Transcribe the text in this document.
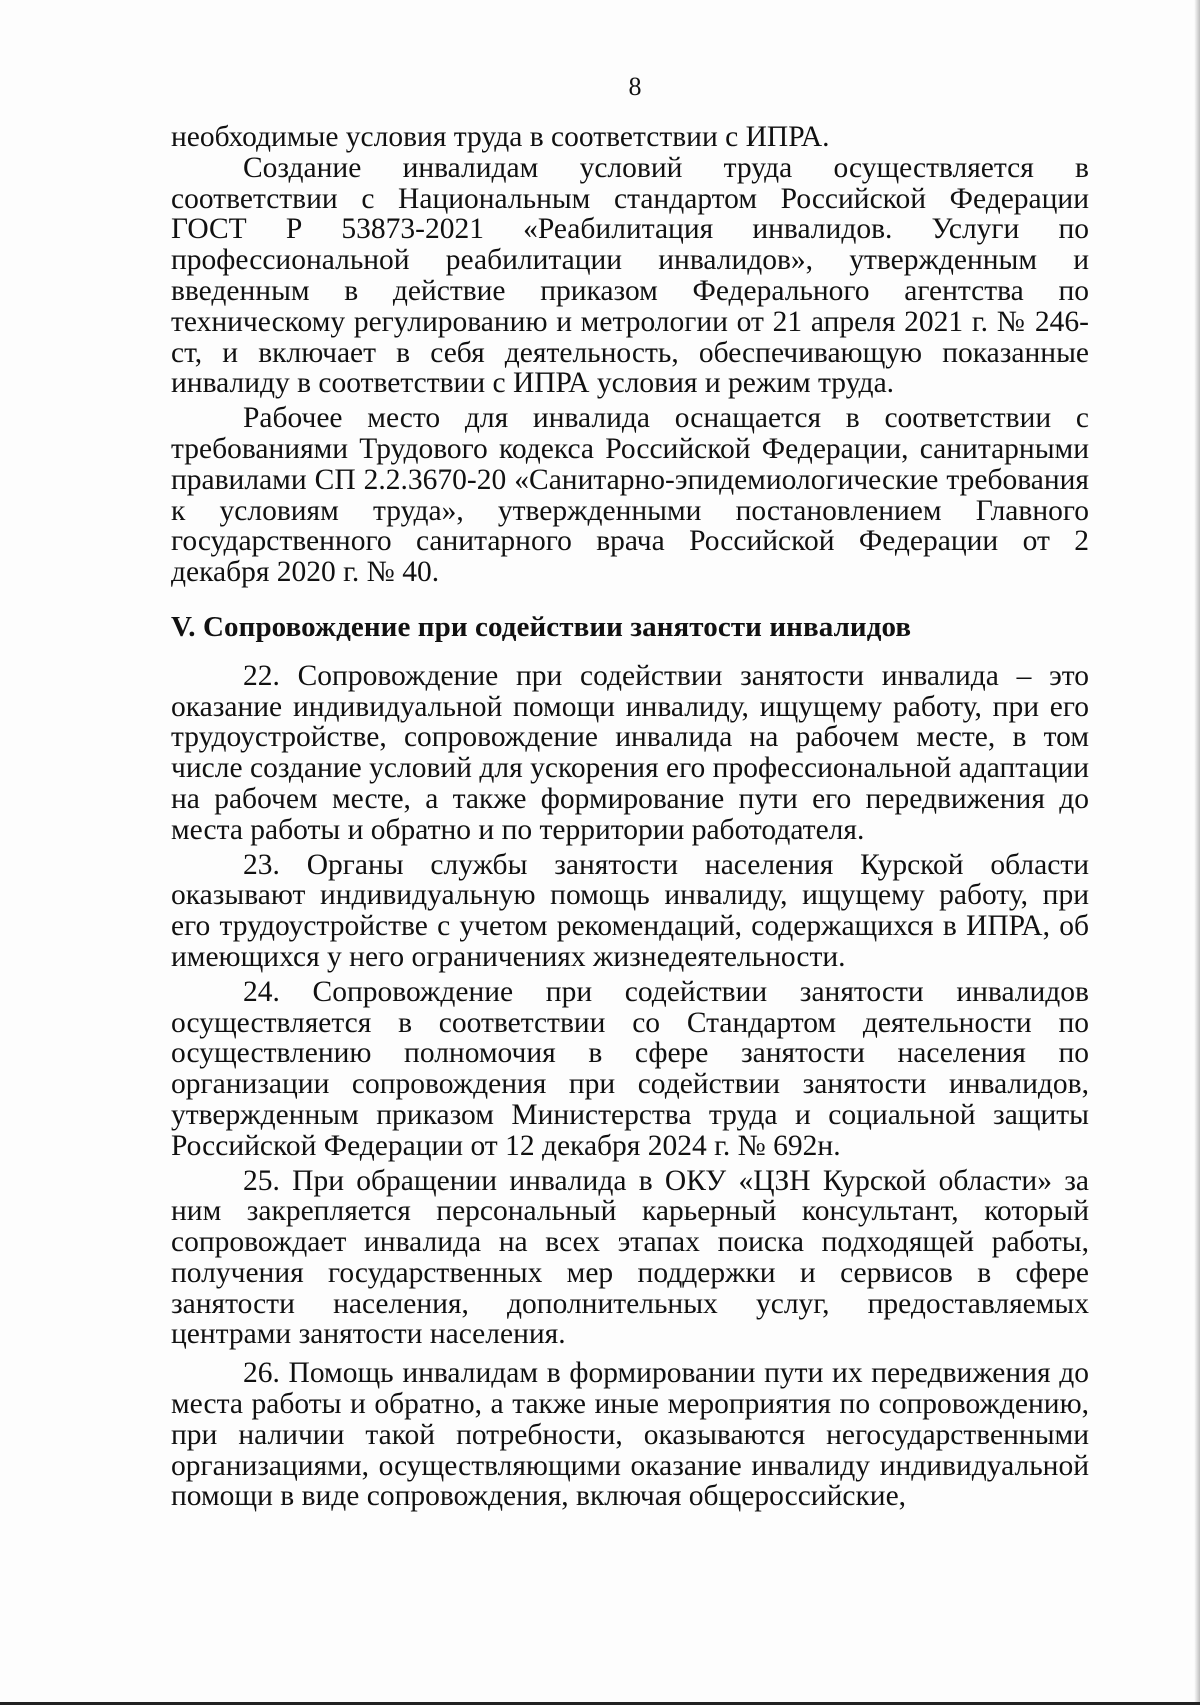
8

необходимые условия труда в соответствии с ИПРА.

Создание инвалидам условий труда осуществляется в соответствии с Национальным стандартом Российской Федерации ГОСТ Р 53873-2021 «Реабилитация инвалидов. Услуги по профессиональной реабилитации инвалидов», утвержденным и введенным в действие приказом Федерального агентства по техническому регулированию и метрологии от 21 апреля 2021 г. № 246-ст, и включает в себя деятельность, обеспечивающую показанные инвалиду в соответствии с ИПРА условия и режим труда.

Рабочее место для инвалида оснащается в соответствии с требованиями Трудового кодекса Российской Федерации, санитарными правилами СП 2.2.3670-20 «Санитарно-эпидемиологические требования к условиям труда», утвержденными постановлением Главного государственного санитарного врача Российской Федерации от 2 декабря 2020 г. № 40.

V. Сопровождение при содействии занятости инвалидов

22. Сопровождение при содействии занятости инвалида – это оказание индивидуальной помощи инвалиду, ищущему работу, при его трудоустройстве, сопровождение инвалида на рабочем месте, в том числе создание условий для ускорения его профессиональной адаптации на рабочем месте, а также формирование пути его передвижения до места работы и обратно и по территории работодателя.

23. Органы службы занятости населения Курской области оказывают индивидуальную помощь инвалиду, ищущему работу, при его трудоустройстве с учетом рекомендаций, содержащихся в ИПРА, об имеющихся у него ограничениях жизнедеятельности.

24. Сопровождение при содействии занятости инвалидов осуществляется в соответствии со Стандартом деятельности по осуществлению полномочия в сфере занятости населения по организации сопровождения при содействии занятости инвалидов, утвержденным приказом Министерства труда и социальной защиты Российской Федерации от 12 декабря 2024 г. № 692н.

25. При обращении инвалида в ОКУ «ЦЗН Курской области» за ним закрепляется персональный карьерный консультант, который сопровождает инвалида на всех этапах поиска подходящей работы, получения государственных мер поддержки и сервисов в сфере занятости населения, дополнительных услуг, предоставляемых центрами занятости населения.

26. Помощь инвалидам в формировании пути их передвижения до места работы и обратно, а также иные мероприятия по сопровождению, при наличии такой потребности, оказываются негосударственными организациями, осуществляющими оказание инвалиду индивидуальной помощи в виде сопровождения, включая общероссийские,
